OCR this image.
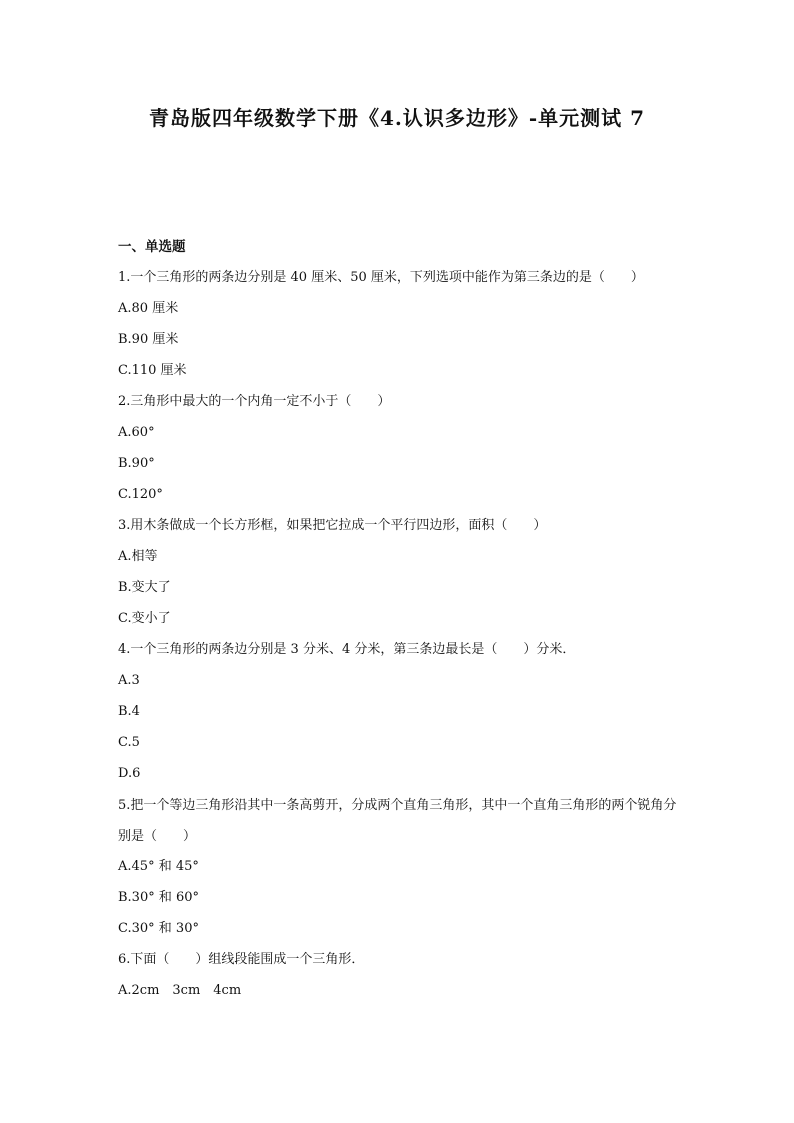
青岛版四年级数学下册《4.认识多边形》-单元测试 7
一、单选题
1.一个三角形的两条边分别是 40 厘米、50 厘米，下列选项中能作为第三条边的是（　　）
A.80 厘米
B.90 厘米
C.110 厘米
2.三角形中最大的一个内角一定不小于（　　）
A.60°
B.90°
C.120°
3.用木条做成一个长方形框，如果把它拉成一个平行四边形，面积（　　）
A.相等
B.变大了
C.变小了
4.一个三角形的两条边分别是 3 分米、4 分米，第三条边最长是（　　）分米．
A.3
B.4
C.5
D.6
5.把一个等边三角形沿其中一条高剪开，分成两个直角三角形，其中一个直角三角形的两个锐角分别是（　　）
A.45° 和 45°
B.30° 和 60°
C.30° 和 30°
6.下面（　　）组线段能围成一个三角形．
A.2cm　3cm　4cm
